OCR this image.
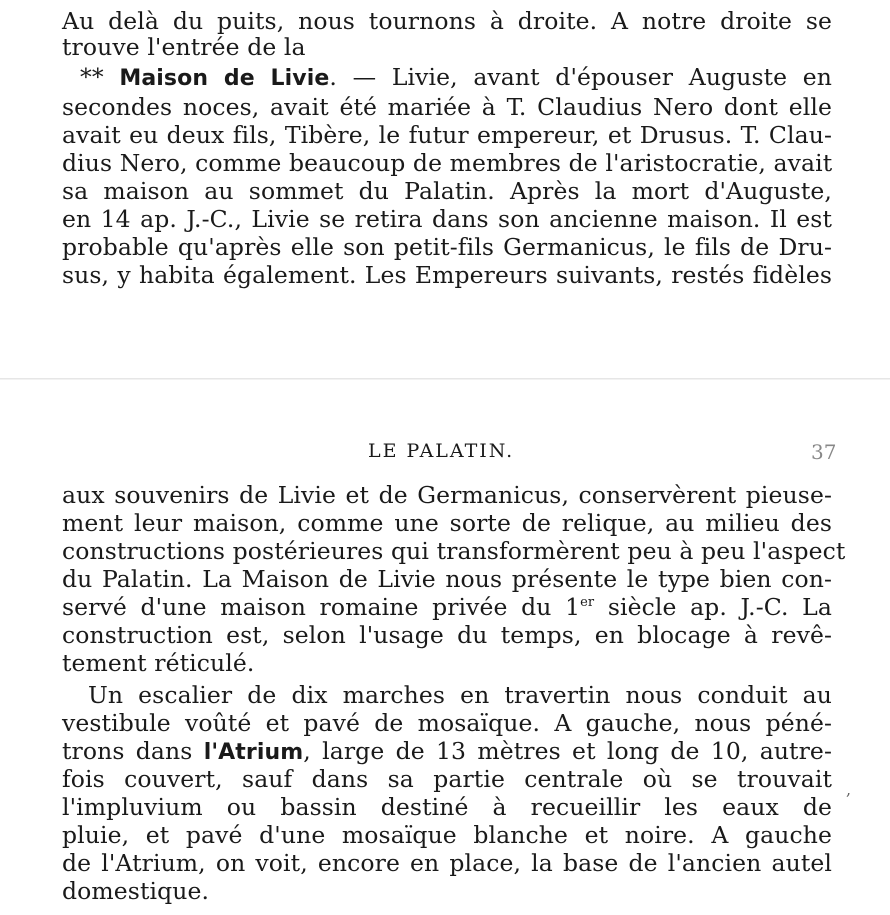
Au delà du puits, nous tournons à droite. A notre droite se

trouve l'entrée de la

** Maison de Livie. — Livie, avant d'épouser Auguste en

secondes noces, avait été mariée à T. Claudius Nero dont elle

avait eu deux fils, Tibère, le futur empereur, et Drusus. T. Clau-

dius Nero, comme beaucoup de membres de l'aristocratie, avait

sa maison au sommet du Palatin. Après la mort d'Auguste,

en 14 ap. J.-C., Livie se retira dans son ancienne maison. Il est

probable qu'après elle son petit-fils Germanicus, le fils de Dru-

sus, y habita également. Les Empereurs suivants, restés fidèles

LE PALATIN.	37

aux souvenirs de Livie et de Germanicus, conservèrent pieuse-

ment leur maison, comme une sorte de relique, au milieu des

constructions postérieures qui transformèrent peu à peu l'aspect

du Palatin. La Maison de Livie nous présente le type bien con-

servé d'une maison romaine privée du 1er siècle ap. J.-C. La

construction est, selon l'usage du temps, en blocage à revê-

tement réticulé.

Un escalier de dix marches en travertin nous conduit au

vestibule voûté et pavé de mosaïque. A gauche, nous péné-

trons dans l'Atrium, large de 13 mètres et long de 10, autre-

fois couvert, sauf dans sa partie centrale où se trouvait

l'impluvium ou bassin destiné à recueillir les eaux de

pluie, et pavé d'une mosaïque blanche et noire. A gauche

de l'Atrium, on voit, encore en place, la base de l'ancien autel

domestique.

,
